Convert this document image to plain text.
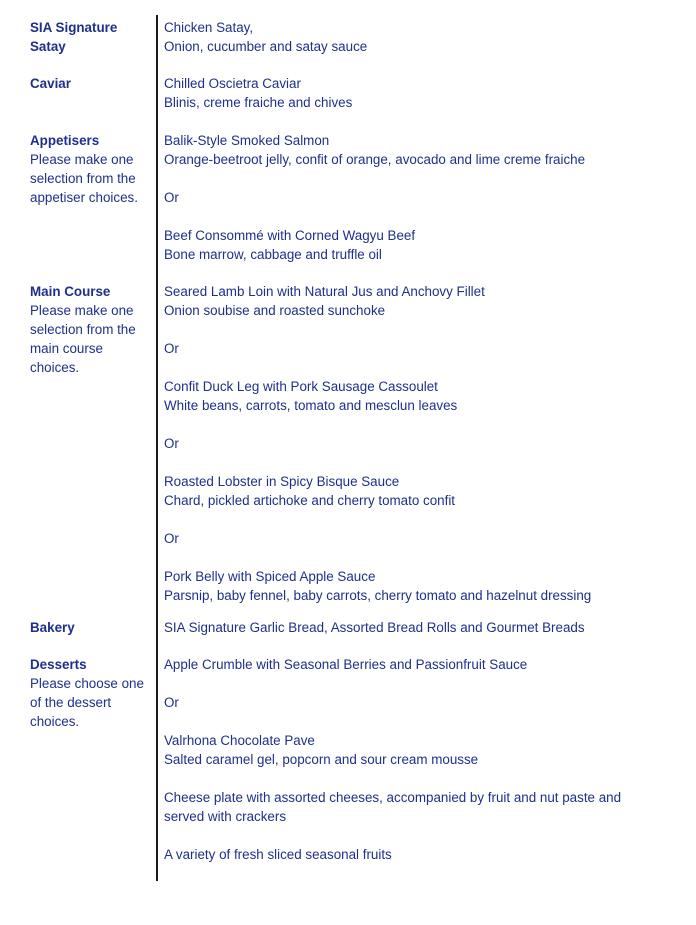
SIA Signature Satay
Chicken Satay,
Onion, cucumber and satay sauce
Caviar	Chilled Oscietra Caviar
Blinis, creme fraiche and chives
Appetisers
Please make one selection from the appetiser choices.
Balik-Style Smoked Salmon
Orange-beetroot jelly, confit of orange, avocado and lime creme fraiche
Or
Beef Consommé with Corned Wagyu Beef
Bone marrow, cabbage and truffle oil
Main Course
Please make one selection from the main course choices.
Seared Lamb Loin with Natural Jus and Anchovy Fillet
Onion soubise and roasted sunchoke
Or
Confit Duck Leg with Pork Sausage Cassoulet
White beans, carrots, tomato and mesclun leaves
Or
Roasted Lobster in Spicy Bisque Sauce
Chard, pickled artichoke and cherry tomato confit
Or
Pork Belly with Spiced Apple Sauce
Parsnip, baby fennel, baby carrots, cherry tomato and hazelnut dressing
Bakery	SIA Signature Garlic Bread, Assorted Bread Rolls and Gourmet Breads
Desserts
Please choose one of the dessert choices.
Apple Crumble with Seasonal Berries and Passionfruit Sauce
Or
Valrhona Chocolate Pave
Salted caramel gel, popcorn and sour cream mousse
Cheese plate with assorted cheeses, accompanied by fruit and nut paste and served with crackers
A variety of fresh sliced seasonal fruits
